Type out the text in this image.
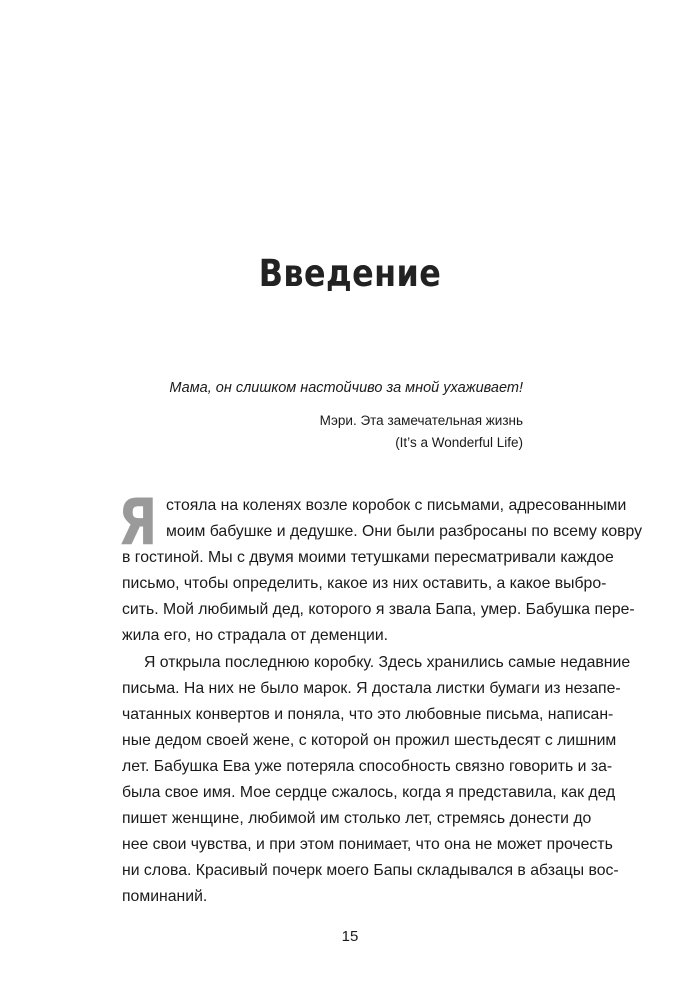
Введение

Мама, он слишком настойчиво за мной ухаживает!

Мэри. Эта замечательная жизнь

(It’s a Wonderful Life)

Я стояла на коленях возле коробок с письмами, адресованными
моим бабушке и дедушке. Они были разбросаны по всему ковру
в гостиной. Мы с двумя моими тетушками пересматривали каждое
письмо, чтобы определить, какое из них оставить, а какое выбро-
сить. Мой любимый дед, которого я звала Бапа, умер. Бабушка пере-
жила его, но страдала от деменции.
Я открыла последнюю коробку. Здесь хранились самые недавние
письма. На них не было марок. Я достала листки бумаги из незапе-
чатанных конвертов и поняла, что это любовные письма, написан-
ные дедом своей жене, с которой он прожил шестьдесят с лишним
лет. Бабушка Ева уже потеряла способность связно говорить и за-
была свое имя. Мое сердце сжалось, когда я представила, как дед
пишет женщине, любимой им столько лет, стремясь донести до
нее свои чувства, и при этом понимает, что она не может прочесть
ни слова. Красивый почерк моего Бапы складывался в абзацы вос-
поминаний.
15
